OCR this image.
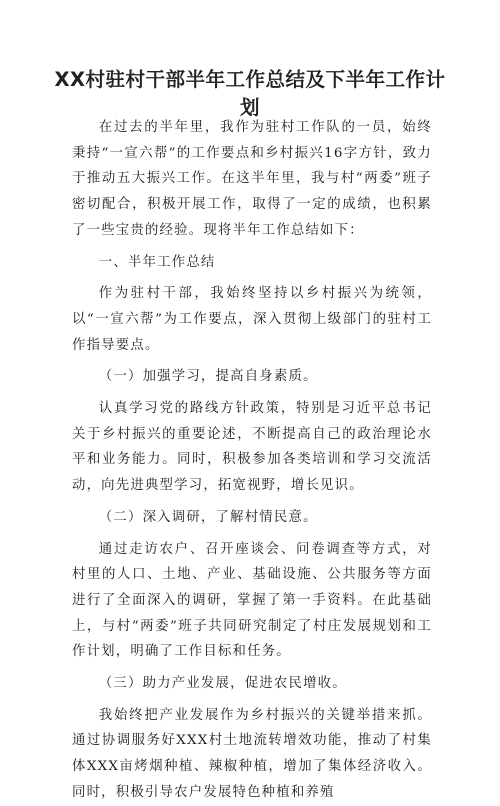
XX村驻村干部半年工作总结及下半年工作计
划

在过去的半年里，我作为驻村工作队的一员，始终秉持“一宣六帮”的工作要点和乡村振兴16字方针，致力于推动五大振兴工作。在这半年里，我与村“两委”班子密切配合，积极开展工作，取得了一定的成绩，也积累了一些宝贵的经验。现将半年工作总结如下：

一、半年工作总结

作为驻村干部，我始终坚持以乡村振兴为统领，以“一宣六帮”为工作要点，深入贯彻上级部门的驻村工作指导要点。

（一）加强学习，提高自身素质。

认真学习党的路线方针政策，特别是习近平总书记关于乡村振兴的重要论述，不断提高自己的政治理论水平和业务能力。同时，积极参加各类培训和学习交流活动，向先进典型学习，拓宽视野，增长见识。

（二）深入调研，了解村情民意。

通过走访农户、召开座谈会、问卷调查等方式，对村里的人口、土地、产业、基础设施、公共服务等方面进行了全面深入的调研，掌握了第一手资料。在此基础上，与村“两委”班子共同研究制定了村庄发展规划和工作计划，明确了工作目标和任务。

（三）助力产业发展，促进农民增收。

我始终把产业发展作为乡村振兴的关键举措来抓。通过协调服务好XXX村土地流转增效功能，推动了村集体XXX亩烤烟种植、辣椒种植，增加了集体经济收入。同时，积极引导农户发展特色种植和养殖
